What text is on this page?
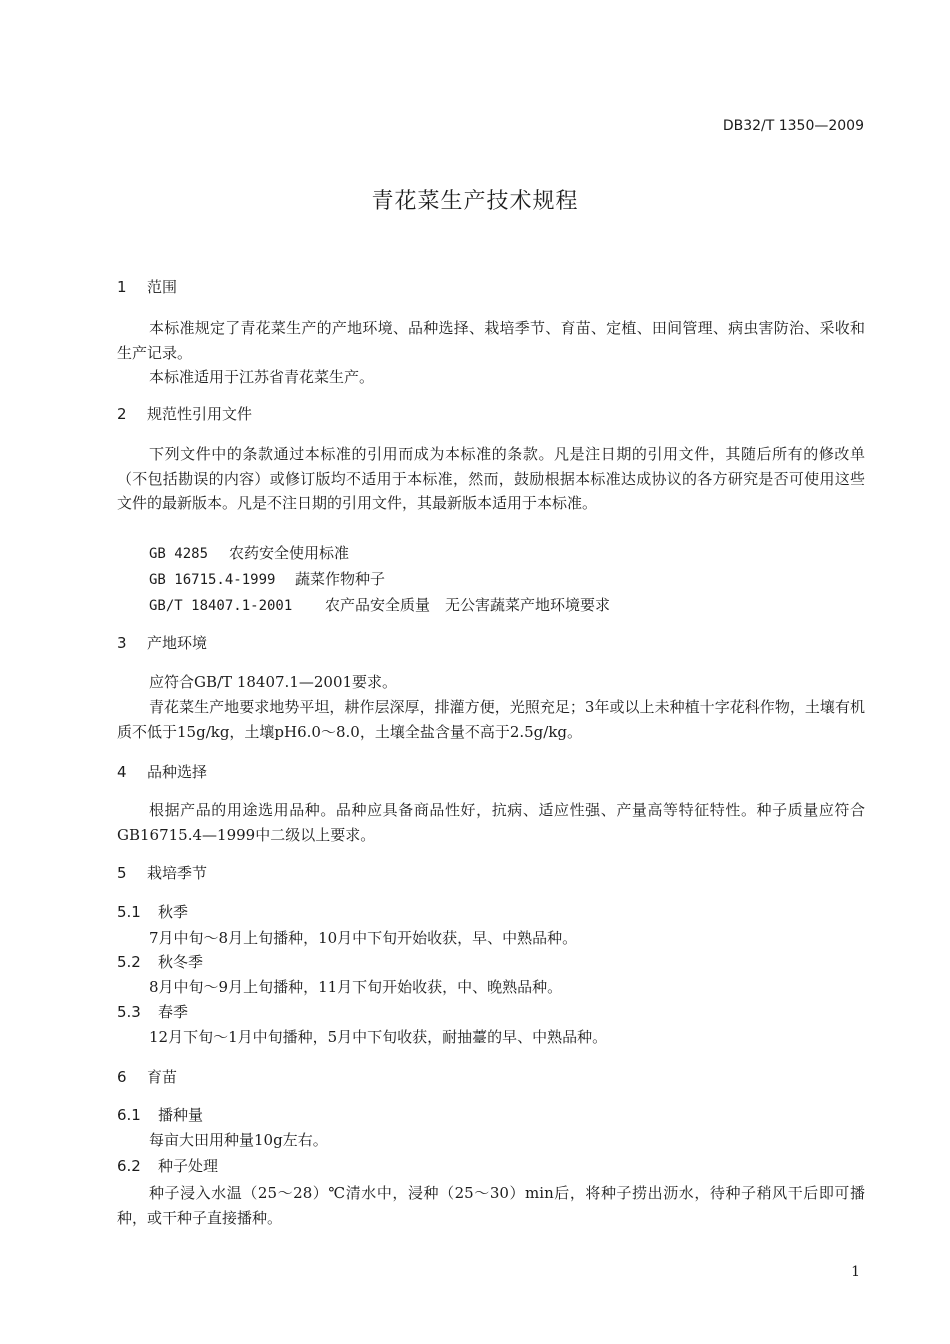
DB32/T 1350—2009
青花菜生产技术规程
1 范围
本标准规定了青花菜生产的产地环境、品种选择、栽培季节、育苗、定植、田间管理、病虫害防治、采收和生产记录。
本标准适用于江苏省青花菜生产。
2 规范性引用文件
下列文件中的条款通过本标准的引用而成为本标准的条款。凡是注日期的引用文件，其随后所有的修改单（不包括勘误的内容）或修订版均不适用于本标准，然而，鼓励根据本标准达成协议的各方研究是否可使用这些文件的最新版本。凡是不注日期的引用文件，其最新版本适用于本标准。
GB 4285 农药安全使用标准
GB 16715.4-1999 蔬菜作物种子
GB/T 18407.1-2001 农产品安全质量　无公害蔬菜产地环境要求
3 产地环境
应符合GB/T 18407.1—2001要求。
青花菜生产地要求地势平坦，耕作层深厚，排灌方便，光照充足；3年或以上未种植十字花科作物，土壤有机质不低于15g/kg，土壤pH6.0～8.0，土壤全盐含量不高于2.5g/kg。
4 品种选择
根据产品的用途选用品种。品种应具备商品性好，抗病、适应性强、产量高等特征特性。种子质量应符合GB16715.4—1999中二级以上要求。
5 栽培季节
5.1 秋季
7月中旬～8月上旬播种，10月中下旬开始收获，早、中熟品种。
5.2 秋冬季
8月中旬～9月上旬播种，11月下旬开始收获，中、晚熟品种。
5.3 春季
12月下旬～1月中旬播种，5月中下旬收获，耐抽薹的早、中熟品种。
6 育苗
6.1 播种量
每亩大田用种量10g左右。
6.2 种子处理
种子浸入水温（25～28）℃清水中，浸种（25～30）min后，将种子捞出沥水，待种子稍风干后即可播种，或干种子直接播种。
1
